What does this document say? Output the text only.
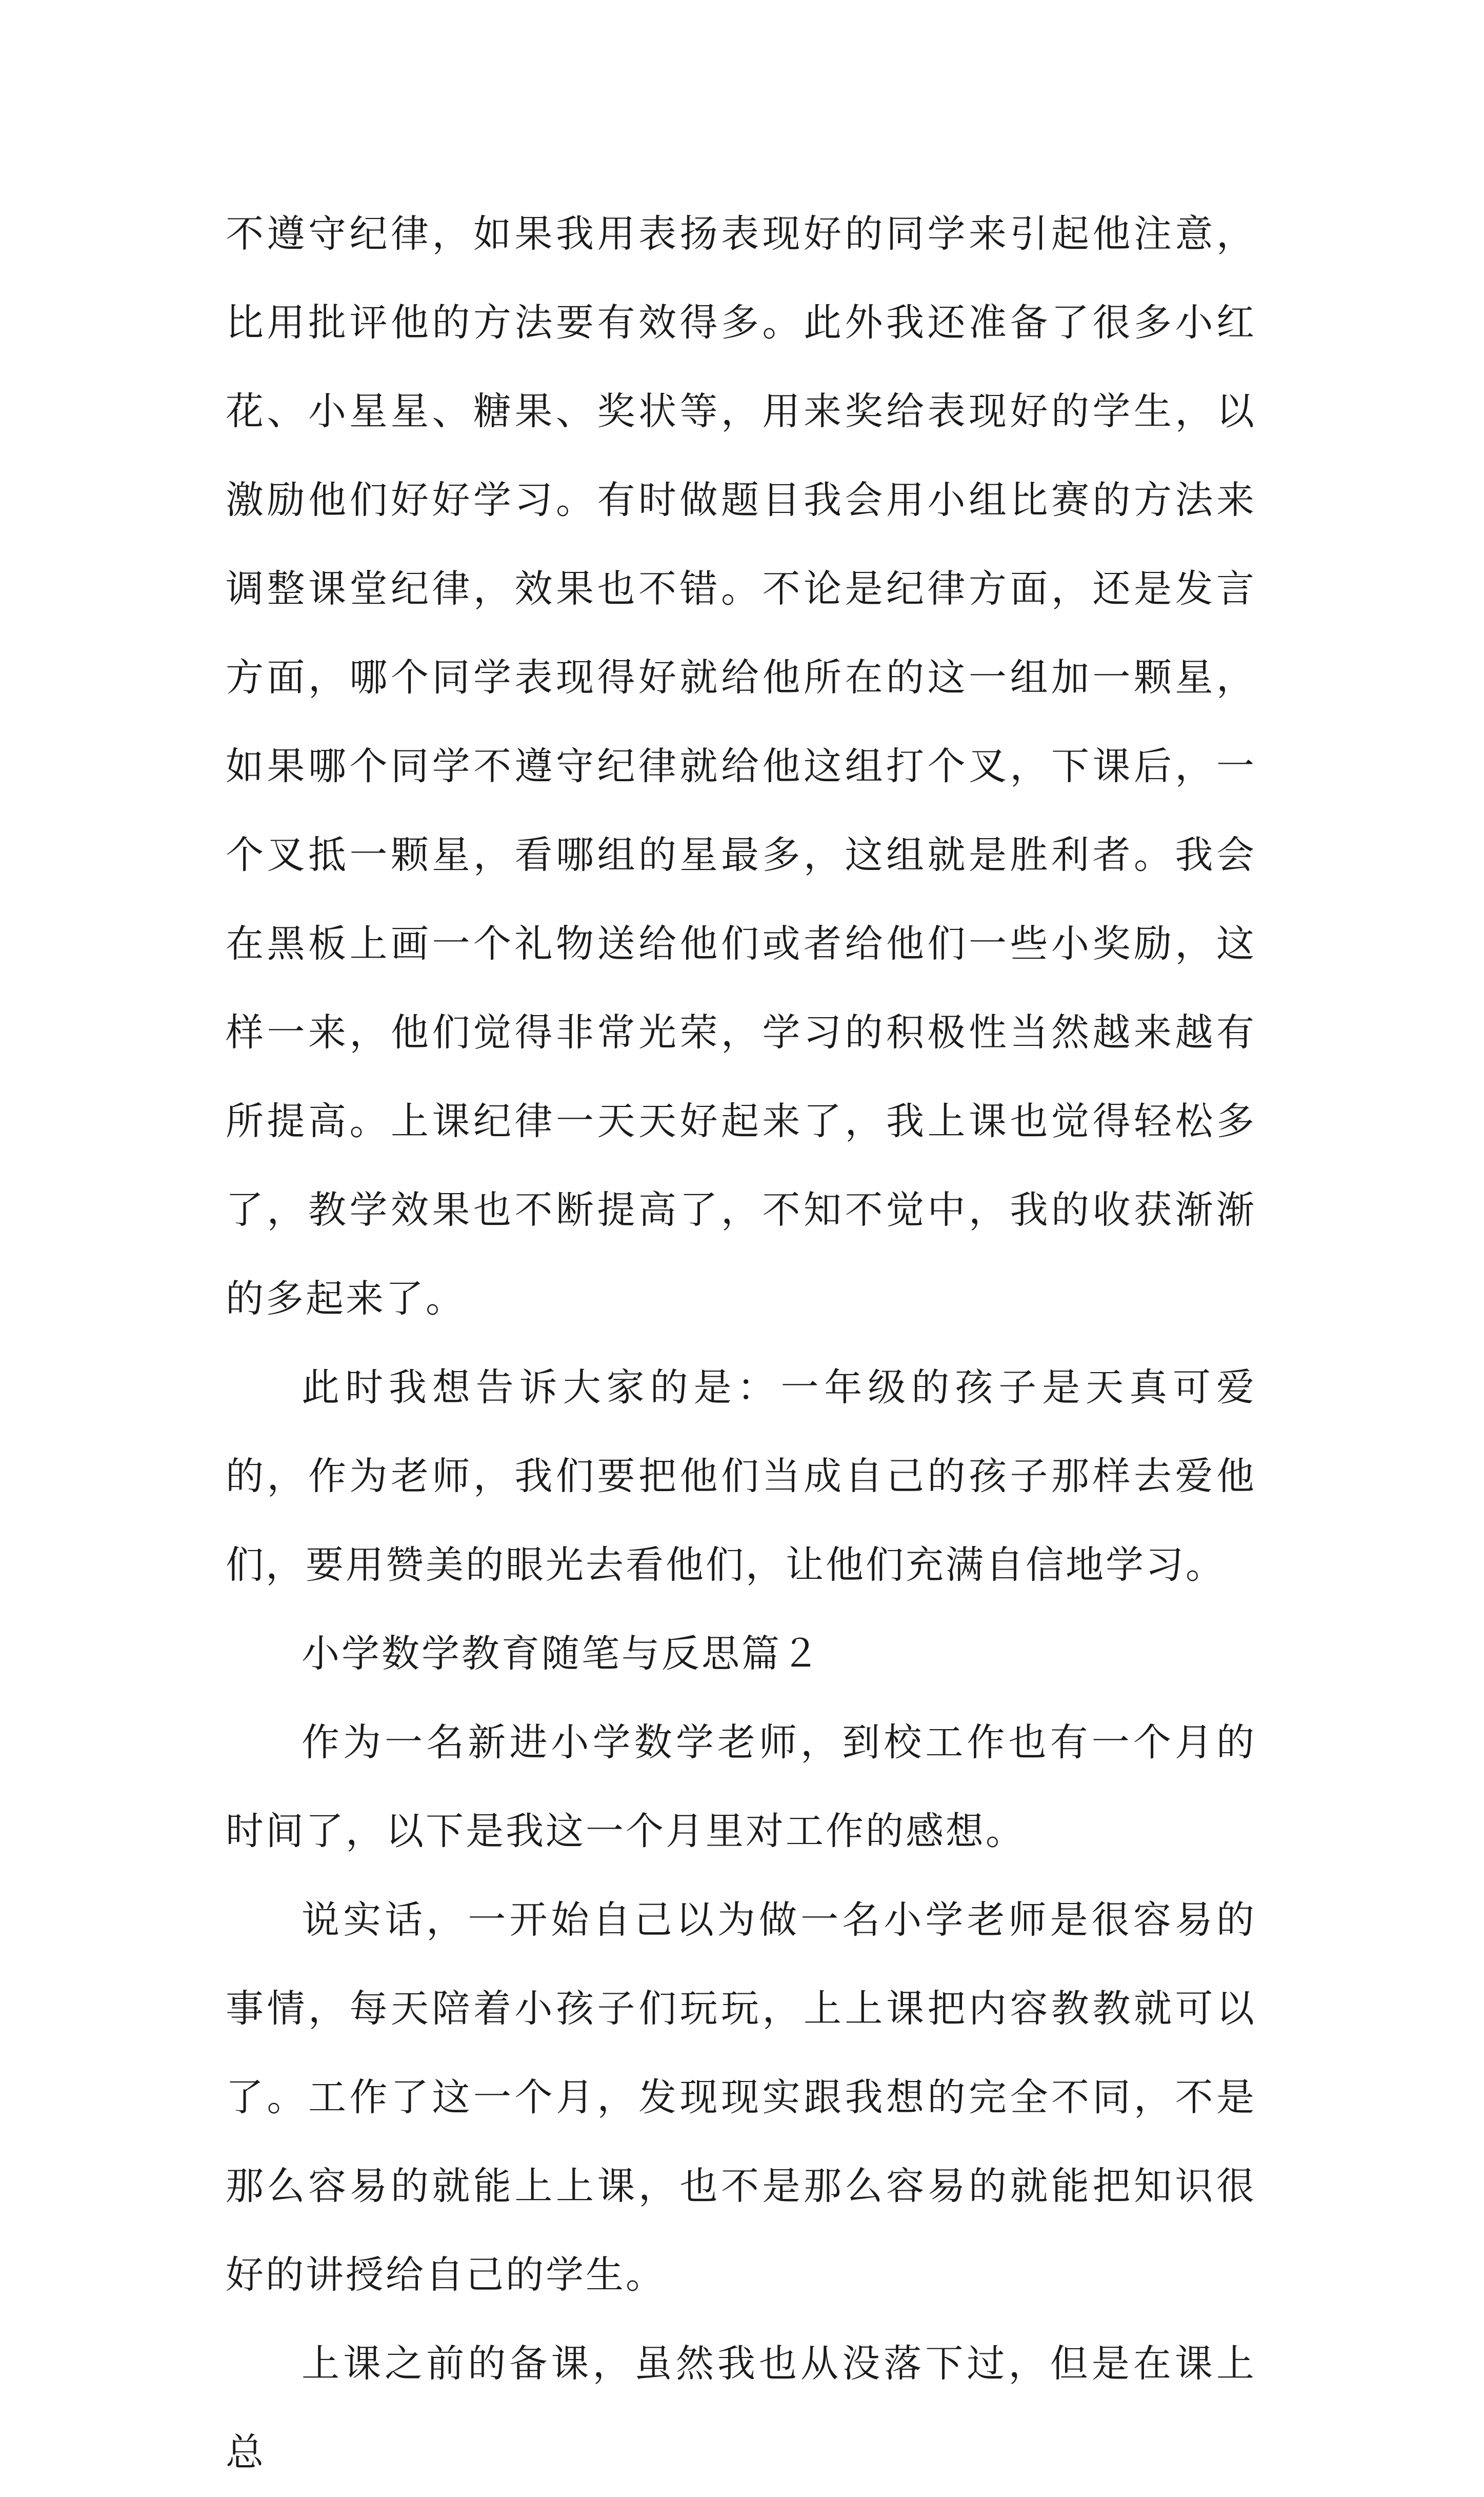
不遵守纪律，如果我用表扬表现好的同学来引起他注意，比用批评他的方法要有效得多。此外我还准备了很多小红花、小星星、糖果、奖状等，用来奖给表现好的学生，以激励他们好好学习。有时做题目我会用小组比赛的方法来调整课堂纪律，效果也不错。不论是纪律方面，还是发言方面，哪个同学表现得好就给他所在的这一组加一颗星，如果哪个同学不遵守纪律就给他这组打个叉，下课后，一个叉抵一颗星，看哪组的星最多，这组就是胜利者。我会在黑板上画一个礼物送给他们或者给他们一些小奖励，这样一来，他们觉得非常光荣，学习的积极性当然越来越有所提高。上课纪律一天天好起来了，我上课也觉得轻松多了，教学效果也不断提高了，不知不觉中，我的收获渐渐的多起来了。

此时我想告诉大家的是：一年级的孩子是天真可爱的，作为老师，我们要把他们当成自己的孩子那样去爱他们，要用赞美的眼光去看他们，让他们充满自信地学习。

小学数学教育随笔与反思篇２

作为一名新进小学数学老师，到校工作也有一个月的时间了，以下是我这一个月里对工作的感想。

说实话，一开始自己以为做一名小学老师是很容易的事情，每天陪着小孩子们玩玩，上上课把内容教教就可以了。工作了这一个月，发现现实跟我想的完全不同，不是那么容易的就能上上课，也不是那么容易的就能把知识很好的讲授给自己的学生。

上课之前的备课，虽然我也从没落下过，但是在课上总
